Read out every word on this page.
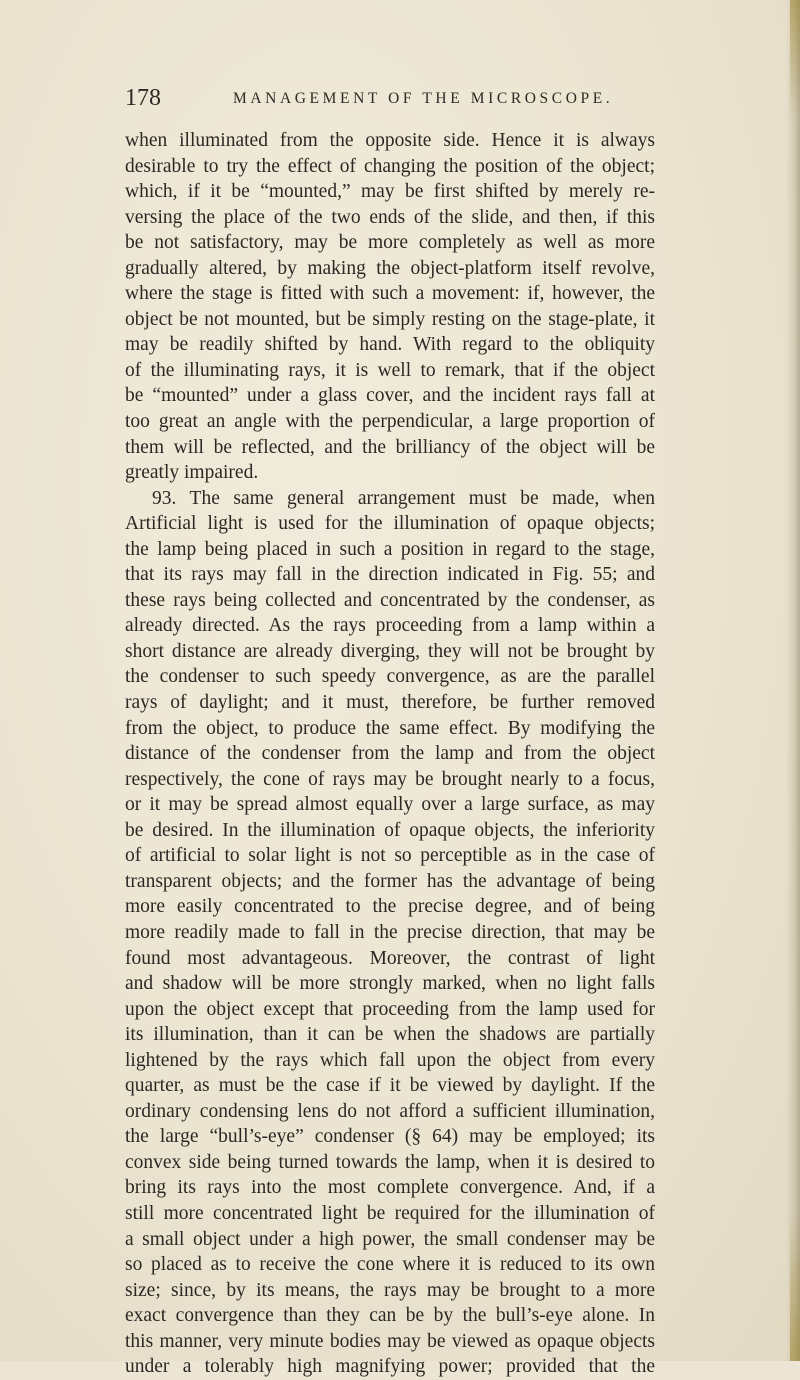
178	MANAGEMENT OF THE MICROSCOPE.
when illuminated from the opposite side. Hence it is always
desirable to try the effect of changing the position of the object;
which, if it be “mounted,” may be first shifted by merely re-
versing the place of the two ends of the slide, and then, if this
be not satisfactory, may be more completely as well as more
gradually altered, by making the object-platform itself revolve,
where the stage is fitted with such a movement: if, however, the
object be not mounted, but be simply resting on the stage-plate, it
may be readily shifted by hand. With regard to the obliquity
of the illuminating rays, it is well to remark, that if the object
be “mounted” under a glass cover, and the incident rays fall at
too great an angle with the perpendicular, a large proportion of
them will be reflected, and the brilliancy of the object will be
greatly impaired.
93. The same general arrangement must be made, when
Artificial light is used for the illumination of opaque objects;
the lamp being placed in such a position in regard to the stage,
that its rays may fall in the direction indicated in Fig. 55; and
these rays being collected and concentrated by the condenser, as
already directed. As the rays proceeding from a lamp within a
short distance are already diverging, they will not be brought by
the condenser to such speedy convergence, as are the parallel
rays of daylight; and it must, therefore, be further removed
from the object, to produce the same effect. By modifying the
distance of the condenser from the lamp and from the object
respectively, the cone of rays may be brought nearly to a focus,
or it may be spread almost equally over a large surface, as may
be desired. In the illumination of opaque objects, the inferiority
of artificial to solar light is not so perceptible as in the case of
transparent objects; and the former has the advantage of being
more easily concentrated to the precise degree, and of being
more readily made to fall in the precise direction, that may be
found most advantageous. Moreover, the contrast of light
and shadow will be more strongly marked, when no light falls
upon the object except that proceeding from the lamp used for
its illumination, than it can be when the shadows are partially
lightened by the rays which fall upon the object from every
quarter, as must be the case if it be viewed by daylight. If the
ordinary condensing lens do not afford a sufficient illumination,
the large “bull’s-eye” condenser (§ 64) may be employed; its
convex side being turned towards the lamp, when it is desired to
bring its rays into the most complete convergence. And, if a
still more concentrated light be required for the illumination of
a small object under a high power, the small condenser may be
so placed as to receive the cone where it is reduced to its own
size; since, by its means, the rays may be brought to a more
exact convergence than they can be by the bull’s-eye alone. In
this manner, very minute bodies may be viewed as opaque objects
under a tolerably high magnifying power; provided that the
